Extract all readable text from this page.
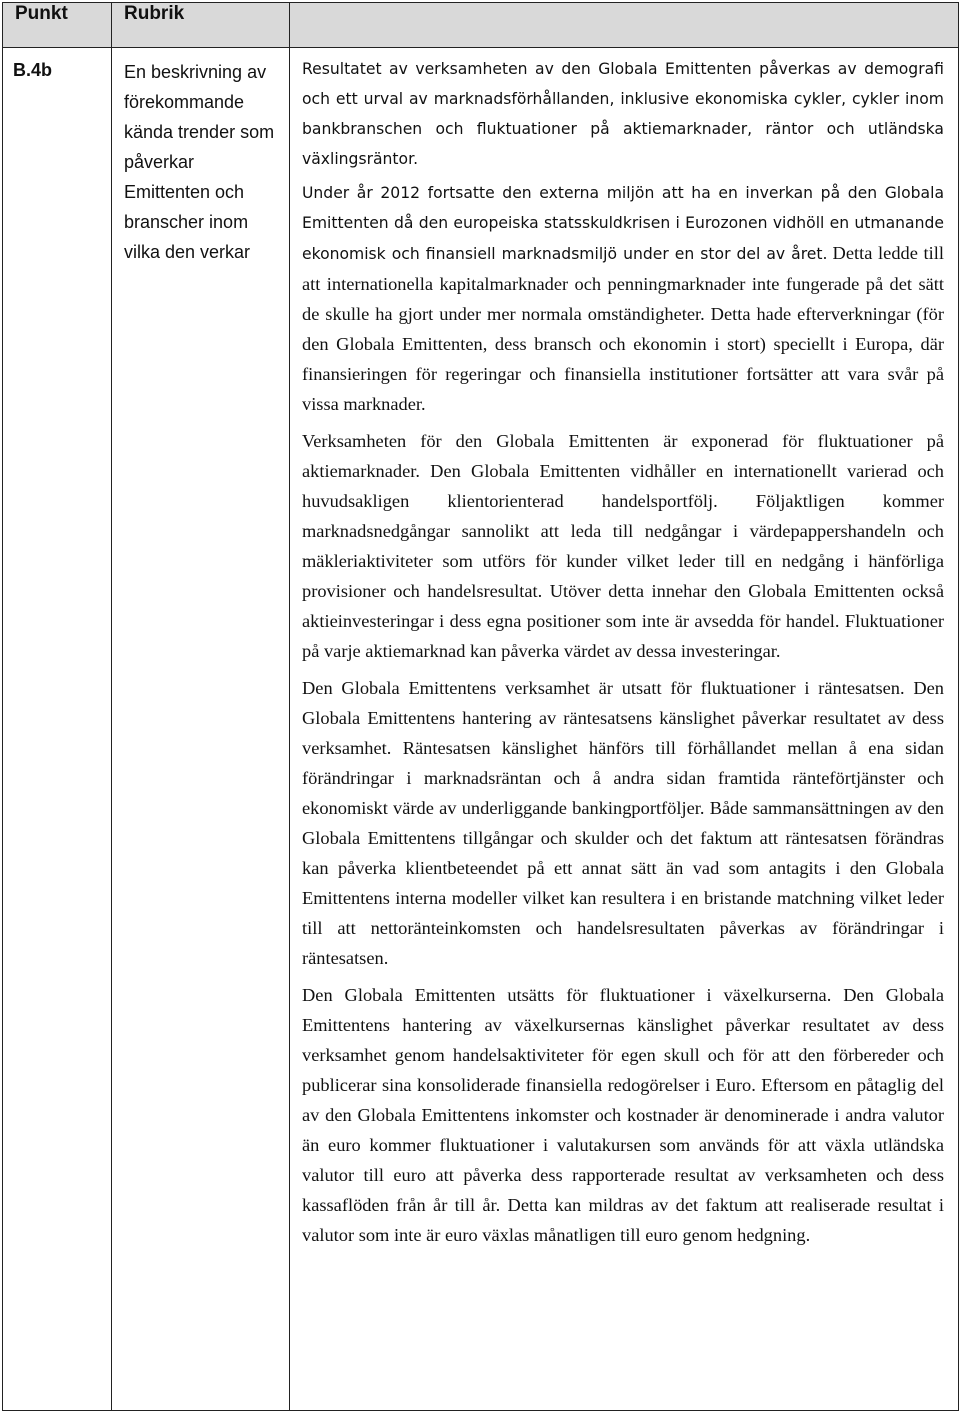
Punkt	Rubrik	
B.4b	En beskrivning av förekommande kända trender som påverkar Emittenten och branscher inom vilka den verkar	Resultatet av verksamheten av den Globala Emittenten påverkas av demografi och ett urval av marknadsförhållanden, inklusive ekonomiska cykler, cykler inom bankbranschen och fluktuationer på aktiemarknader, räntor och utländska växlingsräntor.

Under år 2012 fortsatte den externa miljön att ha en inverkan på den Globala Emittenten då den europeiska statsskuldkrisen i Eurozonen vidhöll en utmanande ekonomisk och finansiell marknadsmiljö under en stor del av året. Detta ledde till att internationella kapitalmarknader och penningmarknader inte fungerade på det sätt de skulle ha gjort under mer normala omständigheter. Detta hade efterverkningar (för den Globala Emittenten, dess bransch och ekonomin i stort) speciellt i Europa, där finansieringen för regeringar och finansiella institutioner fortsätter att vara svår på vissa marknader.

Verksamheten för den Globala Emittenten är exponerad för fluktuationer på aktiemarknader. Den Globala Emittenten vidhåller en internationellt varierad och huvudsakligen klientorienterad handelsportfölj. Följaktligen kommer marknadsnedgångar sannolikt att leda till nedgångar i värdepappershandeln och mäkleriaktiviteter som utförs för kunder vilket leder till en nedgång i hänförliga provisioner och handelsresultat. Utöver detta innehar den Globala Emittenten också aktieinvesteringar i dess egna positioner som inte är avsedda för handel. Fluktuationer på varje aktiemarknad kan påverka värdet av dessa investeringar.

Den Globala Emittentens verksamhet är utsatt för fluktuationer i räntesatsen. Den Globala Emittentens hantering av räntesatsens känslighet påverkar resultatet av dess verksamhet. Räntesatsen känslighet hänförs till förhållandet mellan å ena sidan förändringar i marknadsräntan och å andra sidan framtida ränteförtjänster och ekonomiskt värde av underliggande bankingportföljer. Både sammansättningen av den Globala Emittentens tillgångar och skulder och det faktum att räntesatsen förändras kan påverka klientbeteendet på ett annat sätt än vad som antagits i den Globala Emittentens interna modeller vilket kan resultera i en bristande matchning vilket leder till att nettoränteinkomsten och handelsresultaten påverkas av förändringar i räntesatsen.

Den Globala Emittenten utsätts för fluktuationer i växelkurserna. Den Globala Emittentens hantering av växelkursernas känslighet påverkar resultatet av dess verksamhet genom handelsaktiviteter för egen skull och för att den förbereder och publicerar sina konsoliderade finansiella redogörelser i Euro. Eftersom en påtaglig del av den Globala Emittentens inkomster och kostnader är denominerade i andra valutor än euro kommer fluktuationer i valutakursen som används för att växla utländska valutor till euro att påverka dess rapporterade resultat av verksamheten och dess kassaflöden från år till år. Detta kan mildras av det faktum att realiserade resultat i valutor som inte är euro växlas månatligen till euro genom hedgning.
